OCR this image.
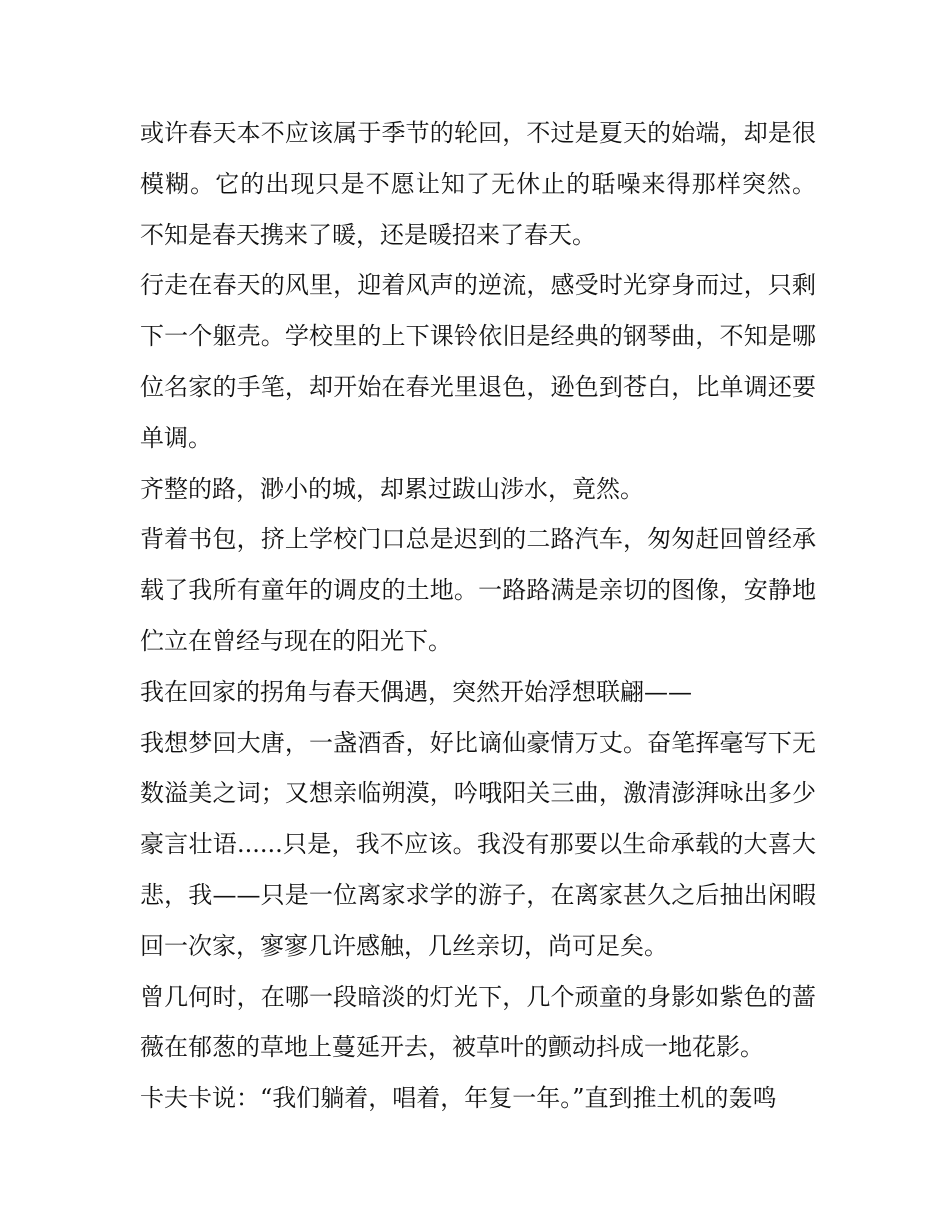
或许春天本不应该属于季节的轮回，不过是夏天的始端，却是很模糊。它的出现只是不愿让知了无休止的聒噪来得那样突然。 不知是春天携来了暖，还是暖招来了春天。

行走在春天的风里，迎着风声的逆流，感受时光穿身而过，只剩下一个躯壳。学校里的上下课铃依旧是经典的钢琴曲，不知是哪位名家的手笔，却开始在春光里退色，逊色到苍白，比单调还要单调。

齐整的路，渺小的城，却累过跋山涉水，竟然。

背着书包，挤上学校门口总是迟到的二路汽车，匆匆赶回曾经承载了我所有童年的调皮的土地。一路路满是亲切的图像，安静地伫立在曾经与现在的阳光下。

我在回家的拐角与春天偶遇，突然开始浮想联翩——

我想梦回大唐，一盏酒香，好比谪仙豪情万丈。奋笔挥毫写下无数溢美之词；又想亲临朔漠，吟哦阳关三曲，激清澎湃咏出多少豪言壮语......只是，我不应该。我没有那要以生命承载的大喜大悲，我——只是一位离家求学的游子，在离家甚久之后抽出闲暇回一次家，寥寥几许感触，几丝亲切，尚可足矣。

曾几何时，在哪一段暗淡的灯光下，几个顽童的身影如紫色的蔷薇在郁葱的草地上蔓延开去，被草叶的颤动抖成一地花影。

卡夫卡说：“我们躺着，唱着，年复一年。”直到推土机的轰鸣
